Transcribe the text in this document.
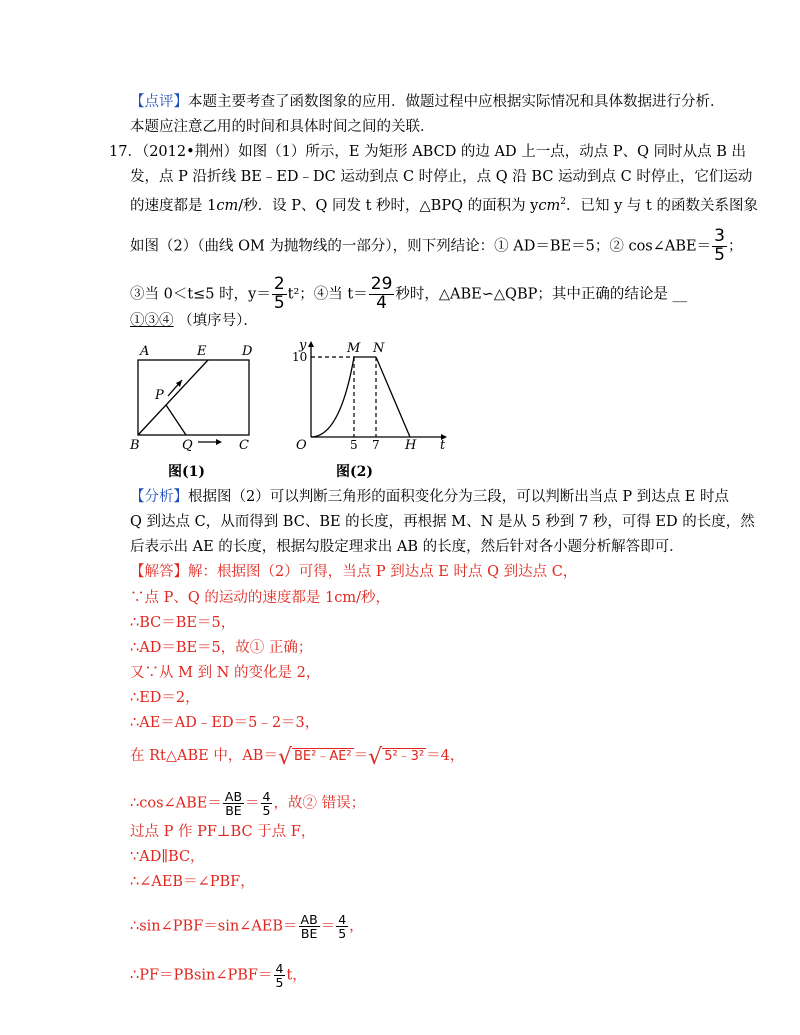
【点评】本题主要考查了函数图象的应用．做题过程中应根据实际情况和具体数据进行分析．
本题应注意乙用的时间和具体时间之间的关联．
17．（2012•荆州）如图（1）所示，E 为矩形 ABCD 的边 AD 上一点，动点 P、Q 同时从点 B 出
发，点 P 沿折线 BE﹣ED﹣DC 运动到点 C 时停止，点 Q 沿 BC 运动到点 C 时停止，它们运动
的速度都是 1cm/秒．设 P、Q 同发 t 秒时，△BPQ 的面积为 ycm$^2$．已知 y 与 t 的函数关系图象
如图（2）（曲线 OM 为抛物线的一部分），则下列结论：① AD＝BE＝5；② cos∠ABE＝ $\frac{3}{5}$ ；
③当 0＜t≤5 时，$y= \frac{2}{5} t^2$；④当 $t= \frac{29}{4}$ 秒时，△ABE∽△QBP；其中正确的结论是 __
①③④ （填序号）．
A	E	D
P
B	Q	C
图(1)
y
t
O
10
5 7
M N
H
图(2)
【分析】根据图（2）可以判断三角形的面积变化分为三段，可以判断出当点 P 到达点 E 时点
Q 到达点 C，从而得到 BC、BE 的长度，再根据 M、N 是从 5 秒到 7 秒，可得 ED 的长度，然
后表示出 AE 的长度，根据勾股定理求出 AB 的长度，然后针对各小题分析解答即可．
【解答】解：根据图（2）可得，当点 P 到达点 E 时点 Q 到达点 C，
∵点 P、Q 的运动的速度都是 1cm/秒，
∴BC＝BE＝5，
∴AD＝BE＝5，故① 正确；
又∵从 M 到 N 的变化是 2，
∴ED＝2，
∴AE＝AD﹣ED＝5﹣2＝3，
在 Rt△ABE 中，AB＝√ BE²﹣AE² ＝√ 5²﹣3² ＝4，
∴cos∠ABE＝ $\frac{AB}{BE} = \frac{4}{5}$ ，故② 错误；
过点 P 作 PF⊥BC 于点 F，
∵AD∥BC，
∴∠AEB＝∠PBF，
∴sin∠PBF＝sin∠AEB＝ $\frac{AB}{BE} = \frac{4}{5}$ ，
∴PF＝PBsin∠PBF＝ $\frac{4}{5}$ t，
